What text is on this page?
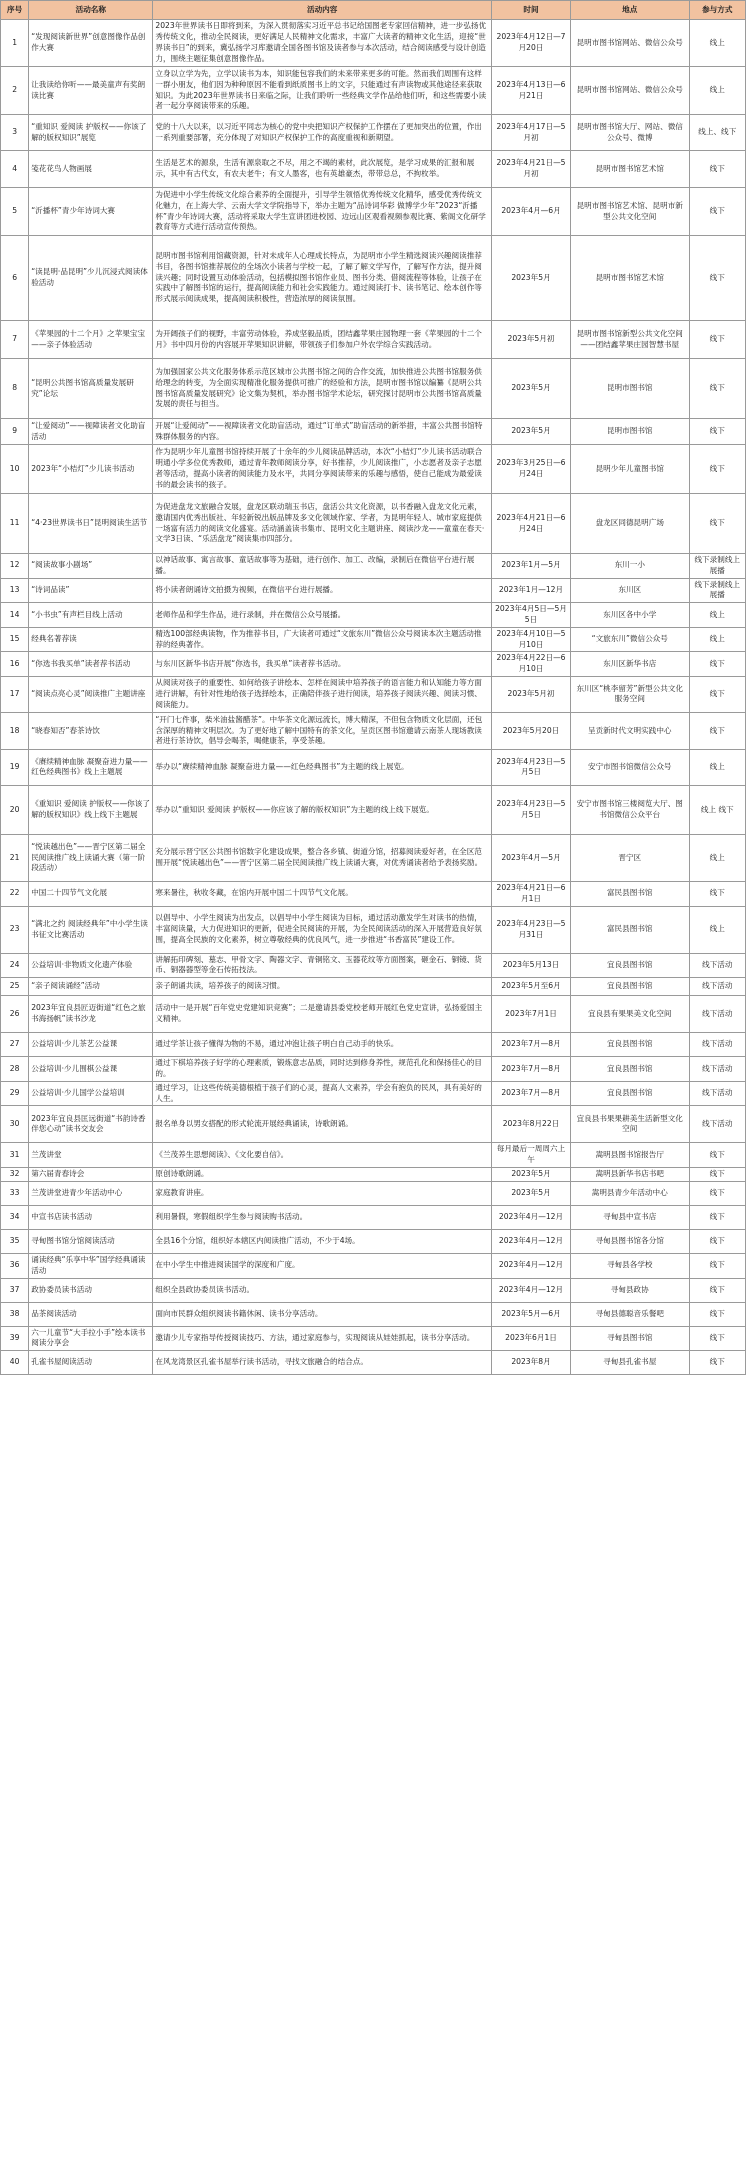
序号	活动名称	活动内容	时间	地点	参与方式
1	“发现阅读新世界”创意图像作品创作大赛	2023年世界读书日即将到来，为深入贯彻落实习近平总书记给国图老专家回信精神，进一步弘扬优秀传统文化，推动全民阅读，更好满足人民精神文化需求，丰富广大读者的精神文化生活，迎接“世界读书日”的到来，冀弘扬学习库邀请全国各图书馆及读者参与本次活动，结合阅读感受与设计创造力，围绕主题征集创意图像作品。	2023年4月12日—7月20日	昆明市图书馆网站、微信公众号	线上
2	让我读给你听——最美童声有奖朗读比赛	立身以立学为先，立学以读书为本，知识能包容我们的未来带来更多的可能。然而我们周围有这样一群小朋友，他们因为种种原因不能看到纸质图书上的文字，只能通过有声读物或其他途径来获取知识。为此2023年世界读书日来临之际，让我们聆听一些经典文学作品给他们听，和这些需要小读者一起分享阅读带来的乐趣。	2023年4月13日—6月21日	昆明市图书馆网站、微信公众号	线上
3	“重知识 爱阅读 护版权——你该了解的版权知识”展览	党的十八大以来，以习近平同志为核心的党中央把知识产权保护工作摆在了更加突出的位置，作出一系列重要部署，充分体现了对知识产权保护工作的高度重视和新期望。	2023年4月17日—5月初	昆明市图书馆大厅、网站、微信公众号、微博	线上、线下
4	笺花花鸟人物画展	生活是艺术的源泉，生活有源泉取之不尽，用之不竭的素材，此次展览，是学习成果的汇报和展示，其中有古代女，有农夫老牛；有文人墨客，也有英雄豪杰，带带总总，不拘枚举。	2023年4月21日—5月初	昆明市图书馆艺术馆	线下
5	“沂播杯”青少年诗词大赛	为促进中小学生传统文化综合素养的全面提升，引导学生领悟优秀传统文化精华，感受优秀传统文化魅力，在上海大学、云南大学文学院指导下，举办主题为“品诗词华彩 做博学少年”2023“沂播杯”青少年诗词大赛，活动将采取大学生宣讲团进校园、边远山区观看视频参观比赛、紫阁文化研学教育等方式进行活动宣传预热。	2023年4月—6月	昆明市图书馆艺术馆、昆明市新型公共文化空间	线下
6	“读昆明·品昆明”少儿沉浸式阅读体验活动	昆明市图书馆利用馆藏资源，针对未成年人心理成长特点，为昆明市小学生精选阅读兴趣阅读推荐书目，各图书馆推荐展位的全场次小读者与学校一起，了解了解文学写作，了解写作方法，提升阅读兴趣；同时设置互动体验活动，包括模拟图书馆作业员、图书分类、借阅流程等体验，让孩子在实践中了解图书馆的运行，提高阅读能力和社会实践能力。通过阅读打卡、读书笔记、绘本创作等形式展示阅读成果，提高阅读积极性，营造浓厚的阅读氛围。	2023年5月	昆明市图书馆艺术馆	线下
7	《苹果园的十二个月》之苹果宝宝——亲子体验活动	为开阔孩子们的视野，丰富劳动体验，养成坚毅品质，团结鑫苹果庄园物理一套《苹果园的十二个月》书中四月份的内容展开苹果知识讲解，带领孩子们参加户外农学综合实践活动。	2023年5月初	昆明市图书馆新型公共文化空间——团结鑫苹果庄园智慧书屋	线下
8	“昆明公共图书馆高质量发展研究”论坛	为加强国家公共文化服务体系示范区城市公共图书馆之间的合作交流，加快推进公共图书馆服务供给理念的转变，为全面实现精准化服务提供可推广的经验和方法，昆明市图书馆以编纂《昆明公共图书馆高质量发展研究》论文集为契机，举办图书馆学术论坛，研究探讨昆明市公共图书馆高质量发展的责任与担当。	2023年5月	昆明市图书馆	线下
9	“让爱阅动”——视障读者文化助盲活动	开展“让爱阅动”——视障读者文化助盲活动，通过“订单式”助盲活动的新举措，丰富公共图书馆特殊群体服务的内容。	2023年5月	昆明市图书馆	线下
10	2023年“小桔灯”少儿读书活动	作为昆明少年儿童图书馆持续开展了十余年的少儿阅读品牌活动，本次“小桔灯”少儿读书活动联合明通小学多位优秀教师，通过青年教师阅读分享，好书推荐，少儿阅读推广，小志愿者及亲子志愿者等活动，提高小读者的阅读能力及水平，共同分享阅读带来的乐趣与感悟，使自己能成为最爱读书的最会读书的孩子。	2023年3月25日—6月24日	昆明少年儿童图书馆	线下
11	“4·23世界读书日”昆明阅读生活节	为促进盘龙文旅融合发展，盘龙区联动瑞玉书店，盘活公共文化资源，以书香融入盘龙文化元素，邀请国内优秀出版社、年轻新锐出版品牌及多文化领域作家、学者，为昆明年轻人、城市家庭提供一场富有活力的阅读文化盛宴。活动涵盖读书集市、昆明文化主题讲座、阅读沙龙——童童在春天·文学3日读、“乐活盘龙”阅读集市四部分。	2023年4月21日—6月24日	盘龙区同德昆明广场	线下
12	“阅读故事小剧场”	以神话故事、寓言故事、童话故事等为基础，进行创作、加工、改编，录制后在微信平台进行展播。	2023年1月—5月	东川一小	线下录制线上展播
13	“诗词品读”	将小读者朗诵诗文拍摄为视频，在微信平台进行展播。	2023年1月—12月	东川区	线下录制线上展播
14	“小书虫”有声栏目线上活动	老师作品和学生作品，进行录制，并在微信公众号展播。	2023年4月5日—5月5日	东川区各中小学	线上
15	经典名著荐读	精选100部经典读物，作为推荐书目，广大读者可通过“文旅东川”微信公众号阅读本次主题活动推荐的经典著作。	2023年4月10日—5月10日	“文旅东川”微信公众号	线上
16	“你选书我买单”读者荐书活动	与东川区新华书店开展“你选书，我买单”读者荐书活动。	2023年4月22日—6月10日	东川区新华书店	线下
17	“阅读点亮心灵”阅读推广主题讲座	从阅读对孩子的重要性、如何给孩子讲绘本、怎样在阅读中培养孩子的语言能力和认知能力等方面进行讲解，有针对性地给孩子选择绘本，正确陪伴孩子进行阅读，培养孩子阅读兴趣、阅读习惯、阅读能力。	2023年5月初	东川区“桃李留芳”新型公共文化服务空间	线下
18	“晓春知否”春茶诗饮	“开门七件事，柴米油盐酱醋茶”。中华茶文化源远流长，博大精深，不但包含物质文化层面，还包含深厚的精神文明层次。为了更好地了解中国特有的茶文化，呈贡区图书馆邀请云南茶人现场教读者进行茶诗饮，倡导会喝茶，喝健康茶，享受茶趣。	2023年5月20日	呈贡新时代文明实践中心	线下
19	《赓续精神血脉 凝聚奋进力量——红色经典图书》线上主题展	举办以“赓续精神血脉 凝聚奋进力量——红色经典图书”为主题的线上展览。	2023年4月23日—5月5日	安宁市图书馆微信公众号	线上
20	《重知识 爱阅读 护版权——你该了解的版权知识》线上线下主题展	举办以“重知识 爱阅读 护版权——你应该了解的版权知识”为主题的线上线下展览。	2023年4月23日—5月5日	安宁市图书馆三楼阅览大厅、图书馆微信公众平台	线上 线下
21	“悦读越出色”——晋宁区第二届全民阅读推广线上读诵大赛（第一阶段活动）	充分展示晋宁区公共图书馆数字化建设成果，整合各乡镇、街道分馆，招募阅读爱好者，在全区范围开展“悦读越出色”——晋宁区第二届全民阅读推广线上读诵大赛，对优秀诵读者给予表扬奖励。	2023年4月—5月	晋宁区	线上
22	中国二十四节气文化展	寒来暑往，秋收冬藏，在馆内开展中国二十四节气文化展。	2023年4月21日—6月1日	富民县图书馆	线下
23	“满北之约 阅读经典年”中小学生读书征文比赛活动	以倡导中、小学生阅读为出发点，以倡导中小学生阅读为目标，通过活动激发学生对读书的热情，丰富阅读量，大力促进知识的更新，促进全民阅读的开展，为全民阅读活动的深入开展营造良好氛围，提高全民族的文化素养，树立尊敬经典的优良风气，进一步推进“书香富民”建设工作。	2023年4月23日—5月31日	富民县图书馆	线上
24	公益培训·非物质文化遗产体验	讲解拓印碑刻、墓志、甲骨文字、陶器文字、青铜铭文、玉器花纹等方面图案，砸金石、铜镜、货币、铜器器型等金石传拓技法。	2023年5月13日	宜良县图书馆	线下活动
25	“亲子阅读诵经”活动	亲子朗诵共读，培养孩子的阅读习惯。	2023年5月至6月	宜良县图书馆	线下活动
26	2023年宜良县匠迈街道“红色之旅 书海扬帆”读书沙龙	活动中一是开展“百年党史党建知识竞赛”；二是邀请县委党校老师开展红色党史宣讲，弘扬爱国主义精神。	2023年7月1日	宜良县有果果美文化空间	线下活动
27	公益培训·少儿茶艺公益课	通过学茶让孩子懂得为物的不易，通过冲泡让孩子明白自己动手的快乐。	2023年7月—8月	宜良县图书馆	线下活动
28	公益培训·少儿围棋公益课	通过下棋培养孩子好学的心理素质，锻炼意志品质，同时达到修身养性，规范孔化和保扬佳心的目的。	2023年7月—8月	宜良县图书馆	线下活动
29	公益培训·少儿国学公益培训	通过学习，让这些传统美德根植于孩子们的心灵，提高人文素养，学会有抱负的民风，具有美好的人生。	2023年7月—8月	宜良县图书馆	线下活动
30	2023年宜良县匡远街道“书韵诗香 伴您心动”读书交友会	报名单身以男女搭配的形式轮流开展经典诵读，诗歌朗诵。	2023年8月22日	宜良县书果果耕美生活新型文化空间	线下活动
31	兰茂讲堂	《兰茂养生思想阅读》、《文化要自信》。	每月最后一周周六上午	嵩明县图书馆报告厅	线下
32	第六届青春诗会	原创诗歌朗诵。	2023年5月	嵩明县新华书店书吧	线下
33	兰茂讲堂进青少年活动中心	家庭教育讲座。	2023年5月	嵩明县青少年活动中心	线下
34	中宣书店读书活动	利用暑假，寒假组织学生参与阅读购书活动。	2023年4月—12月	寻甸县中宣书店	线下
35	寻甸图书馆分馆阅读活动	全县16个分馆，组织好本辖区内阅读推广活动，不少于4场。	2023年4月—12月	寻甸县图书馆各分馆	线下
36	诵读经典“乐享中华”国学经典诵读活动	在中小学生中推进阅读国学的深度和广度。	2023年4月—12月	寻甸县各学校	线下
37	政协委员读书活动	组织全县政协委员读书活动。	2023年4月—12月	寻甸县政协	线下
38	品茶阅读活动	面向市民群众组织阅读书籍休闲、读书分享活动。	2023年5月—6月	寻甸县德聪音乐餐吧	线下
39	六一儿童节“大手拉小手”绘本读书阅读分享会	邀请少儿专家指导传授阅读技巧、方法，通过家庭参与，实现阅读从娃娃抓起，读书分享活动。	2023年6月1日	寻甸县图书馆	线下
40	孔雀书屋阅读活动	在风龙湾景区孔雀书屋举行读书活动，寻找文旅融合的结合点。	2023年8月	寻甸县孔雀书屋	线下
